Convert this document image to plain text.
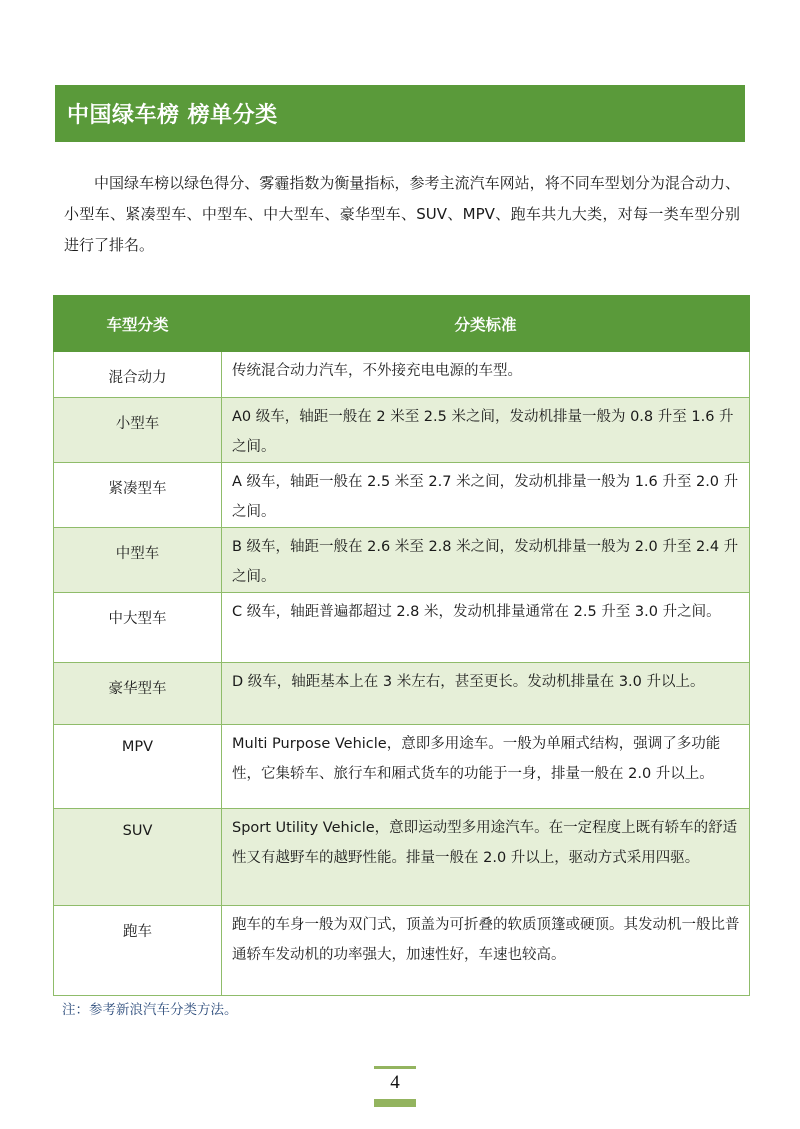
中国绿车榜 榜单分类

中国绿车榜以绿色得分、雾霾指数为衡量指标，参考主流汽车网站，将不同车型划分为混合动力、小型车、紧凑型车、中型车、中大型车、豪华型车、SUV、MPV、跑车共九大类，对每一类车型分别进行了排名。

车型分类	分类标准
混合动力	传统混合动力汽车，不外接充电电源的车型。
小型车	A0 级车，轴距一般在 2 米至 2.5 米之间，发动机排量一般为 0.8 升至 1.6 升之间。
紧凑型车	A 级车，轴距一般在 2.5 米至 2.7 米之间，发动机排量一般为 1.6 升至 2.0 升之间。
中型车	B 级车，轴距一般在 2.6 米至 2.8 米之间，发动机排量一般为 2.0 升至 2.4 升之间。
中大型车	C 级车，轴距普遍都超过 2.8 米，发动机排量通常在 2.5 升至 3.0 升之间。
豪华型车	D 级车，轴距基本上在 3 米左右，甚至更长。发动机排量在 3.0 升以上。
MPV	Multi Purpose Vehicle，意即多用途车。一般为单厢式结构，强调了多功能性，它集轿车、旅行车和厢式货车的功能于一身，排量一般在 2.0 升以上。
SUV	Sport Utility Vehicle，意即运动型多用途汽车。在一定程度上既有轿车的舒适性又有越野车的越野性能。排量一般在 2.0 升以上，驱动方式采用四驱。
跑车	跑车的车身一般为双门式，顶盖为可折叠的软质顶篷或硬顶。其发动机一般比普通轿车发动机的功率强大，加速性好，车速也较高。
注：参考新浪汽车分类方法。
4
